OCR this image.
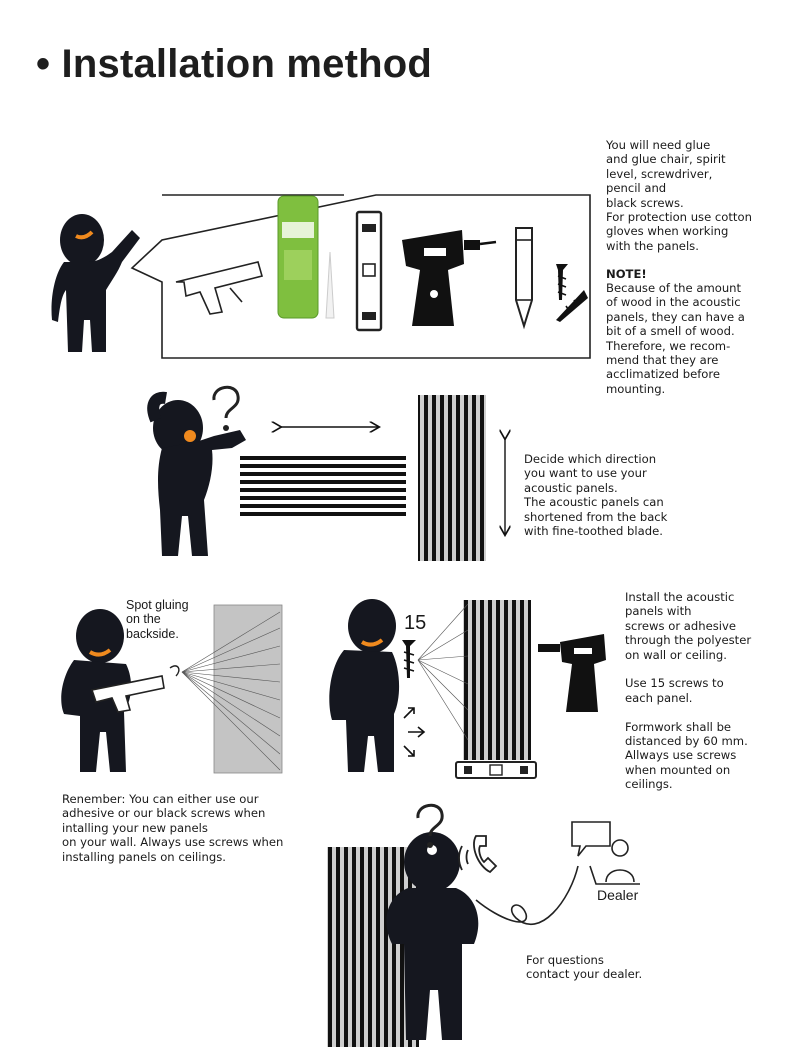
• Installation method
You will need glue
and glue chair, spirit
level, screwdriver,
pencil and
black screws.
For protection use cotton
gloves when working
with the panels.
NOTE!
Because of the amount
of wood in the acoustic
panels, they can have a
bit of a smell of wood.
Therefore, we recom-
mend that they are
acclimatized before
mounting.
Decide which direction
you want to use your
acoustic panels.
The acoustic panels can
shortened from the back
with fine-toothed blade.
Spot gluing
on the
backside.
Renember: You can either use our
adhesive or our black screws when
intalling your new panels
on your wall. Always use screws when
installing panels on ceilings.
15
Install the acoustic
panels with
screws or adhesive
through the polyester
on wall or ceiling.

Use 15 screws to
each panel.

Formwork shall be
distanced by 60 mm.
Allways use screws
when mounted on
ceilings.
Dealer
For questions
contact your dealer.
